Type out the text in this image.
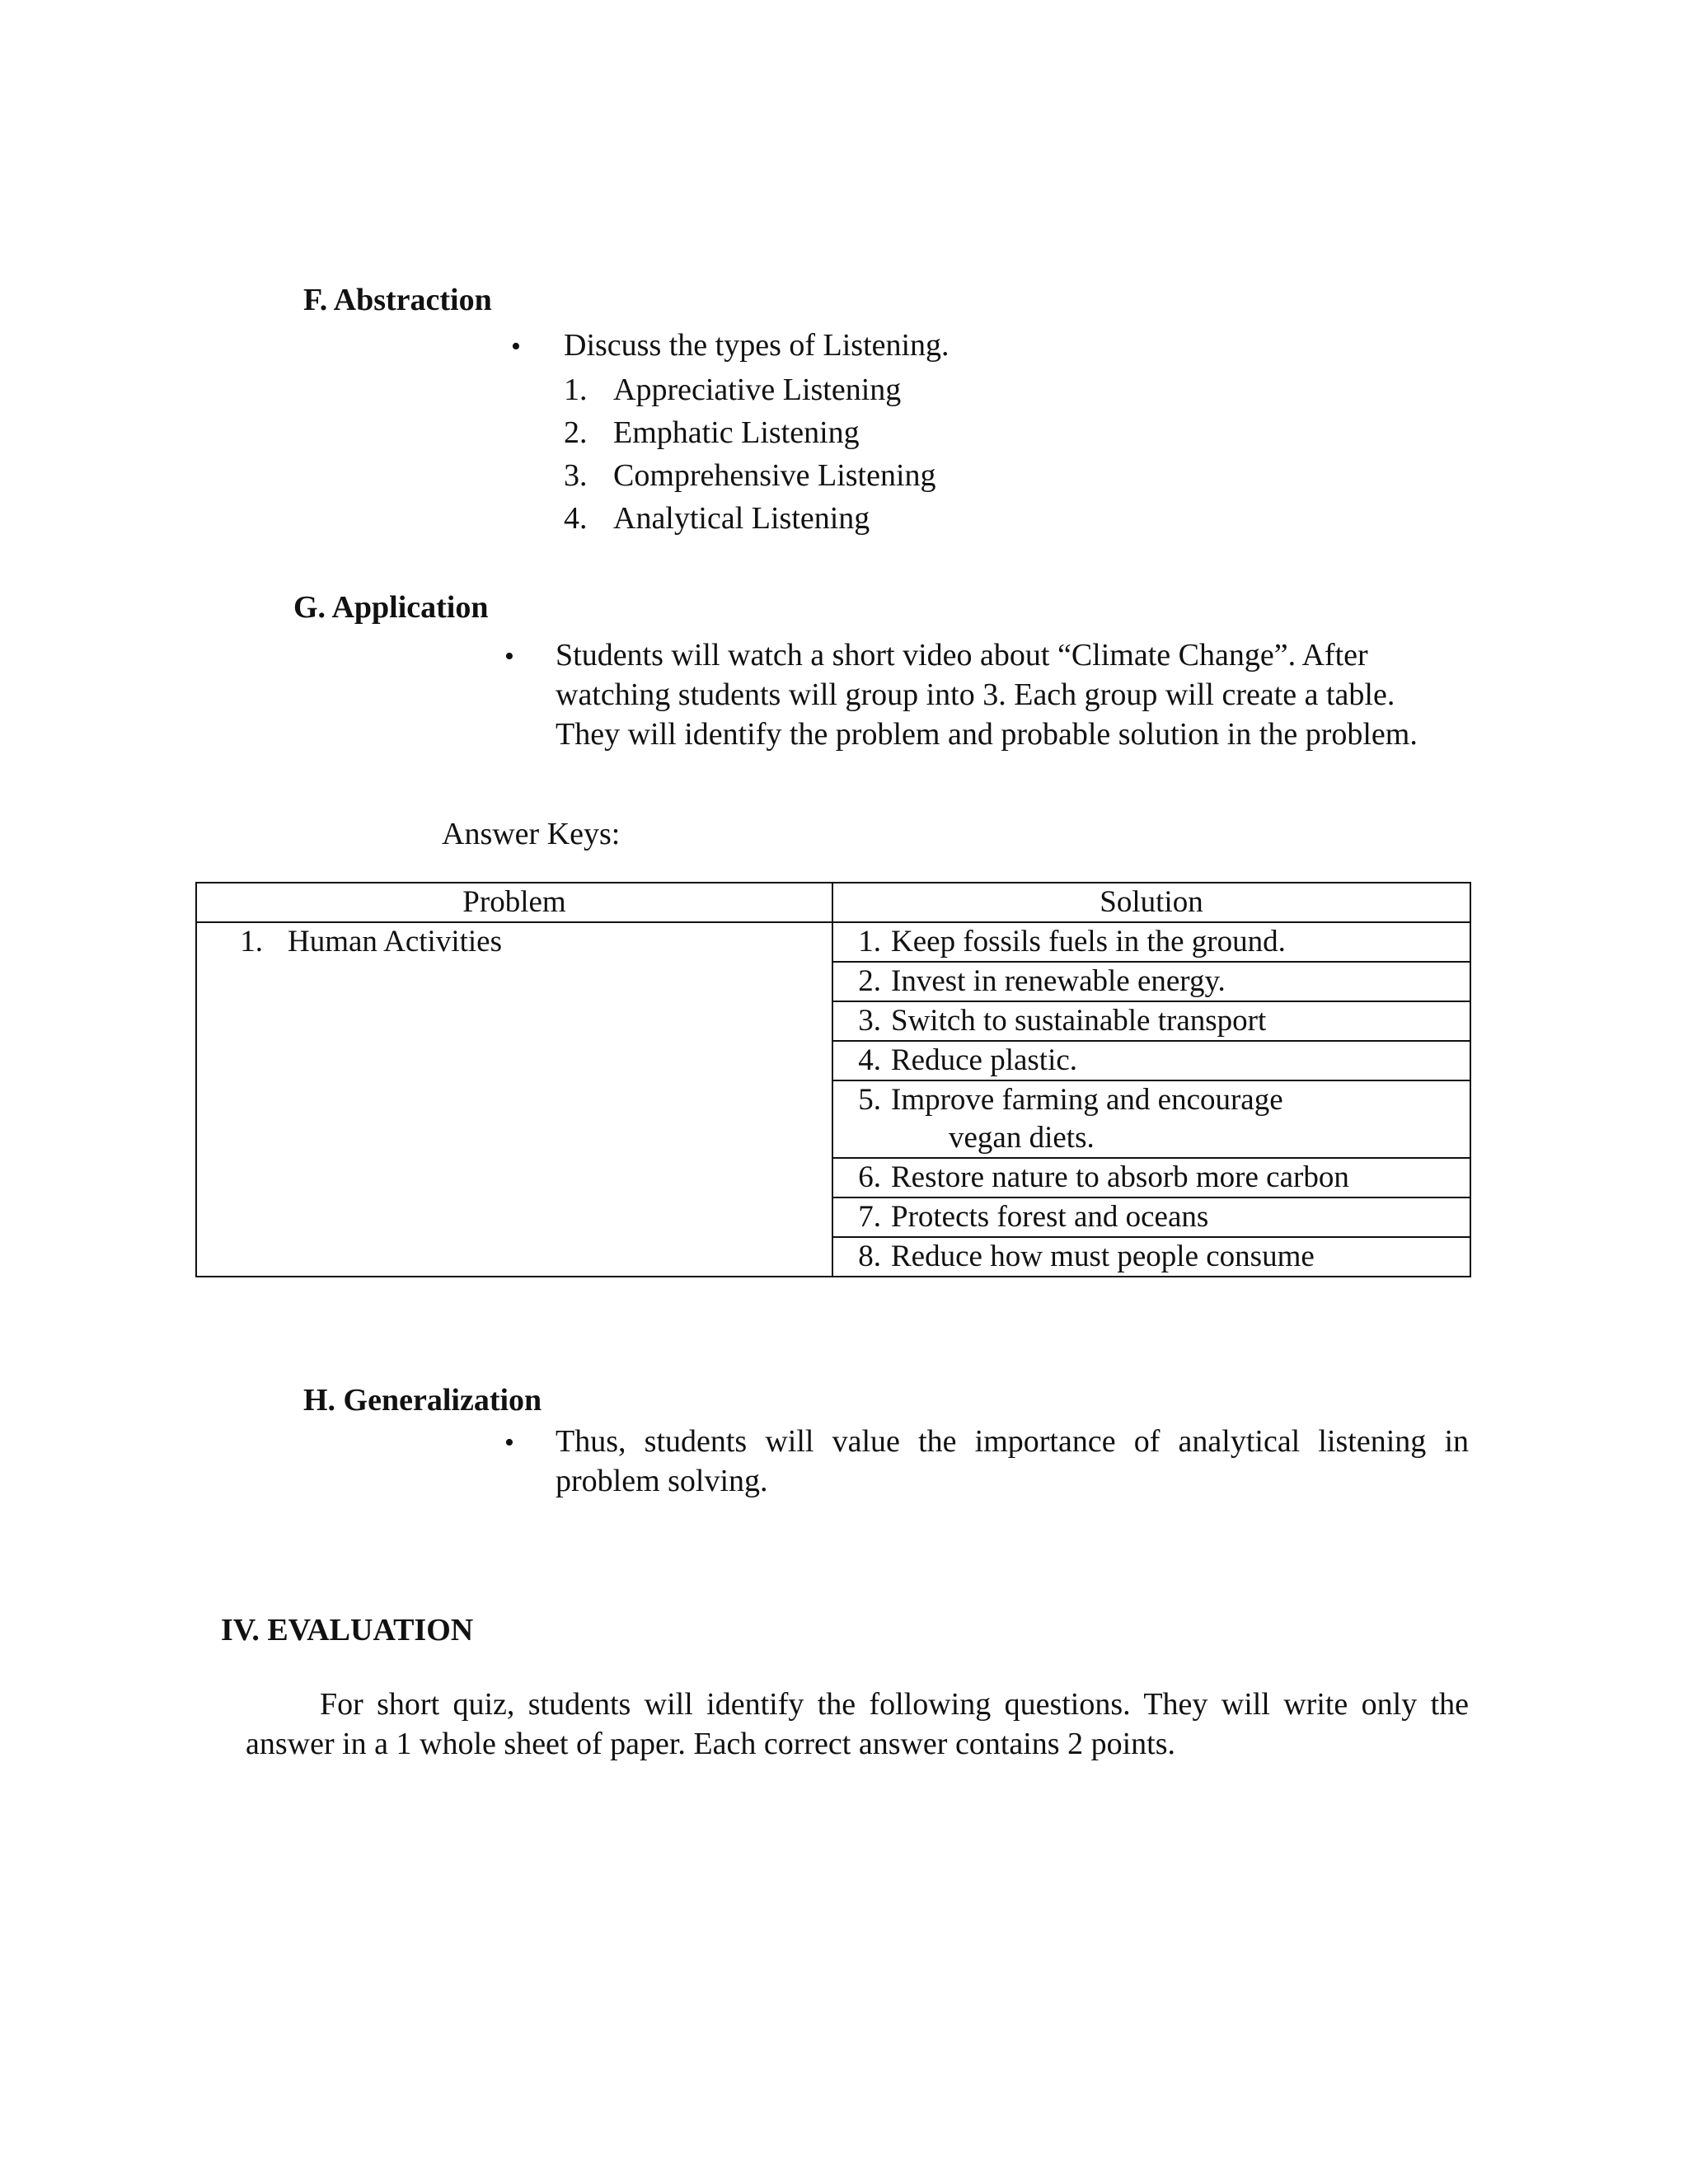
F. Abstraction
• Discuss the types of Listening.
1. Appreciative Listening
2. Emphatic Listening
3. Comprehensive Listening
4. Analytical Listening
G. Application
• Students will watch a short video about “Climate Change”. After
watching students will group into 3. Each group will create a table.
They will identify the problem and probable solution in the problem.
Answer Keys:
Problem	Solution
1. Human Activities	1. Keep fossils fuels in the ground.
	2. Invest in renewable energy.
	3. Switch to sustainable transport
	4. Reduce plastic.
	5. Improve farming and encourage
vegan diets.

	6. Restore nature to absorb more carbon
	7. Protects forest and oceans
	8. Reduce how must people consume
H. Generalization
• Thus, students will value the importance of analytical listening in problem solving.
IV. EVALUATION
For short quiz, students will identify the following questions. They will write only the answer in a 1 whole sheet of paper. Each correct answer contains 2 points.
